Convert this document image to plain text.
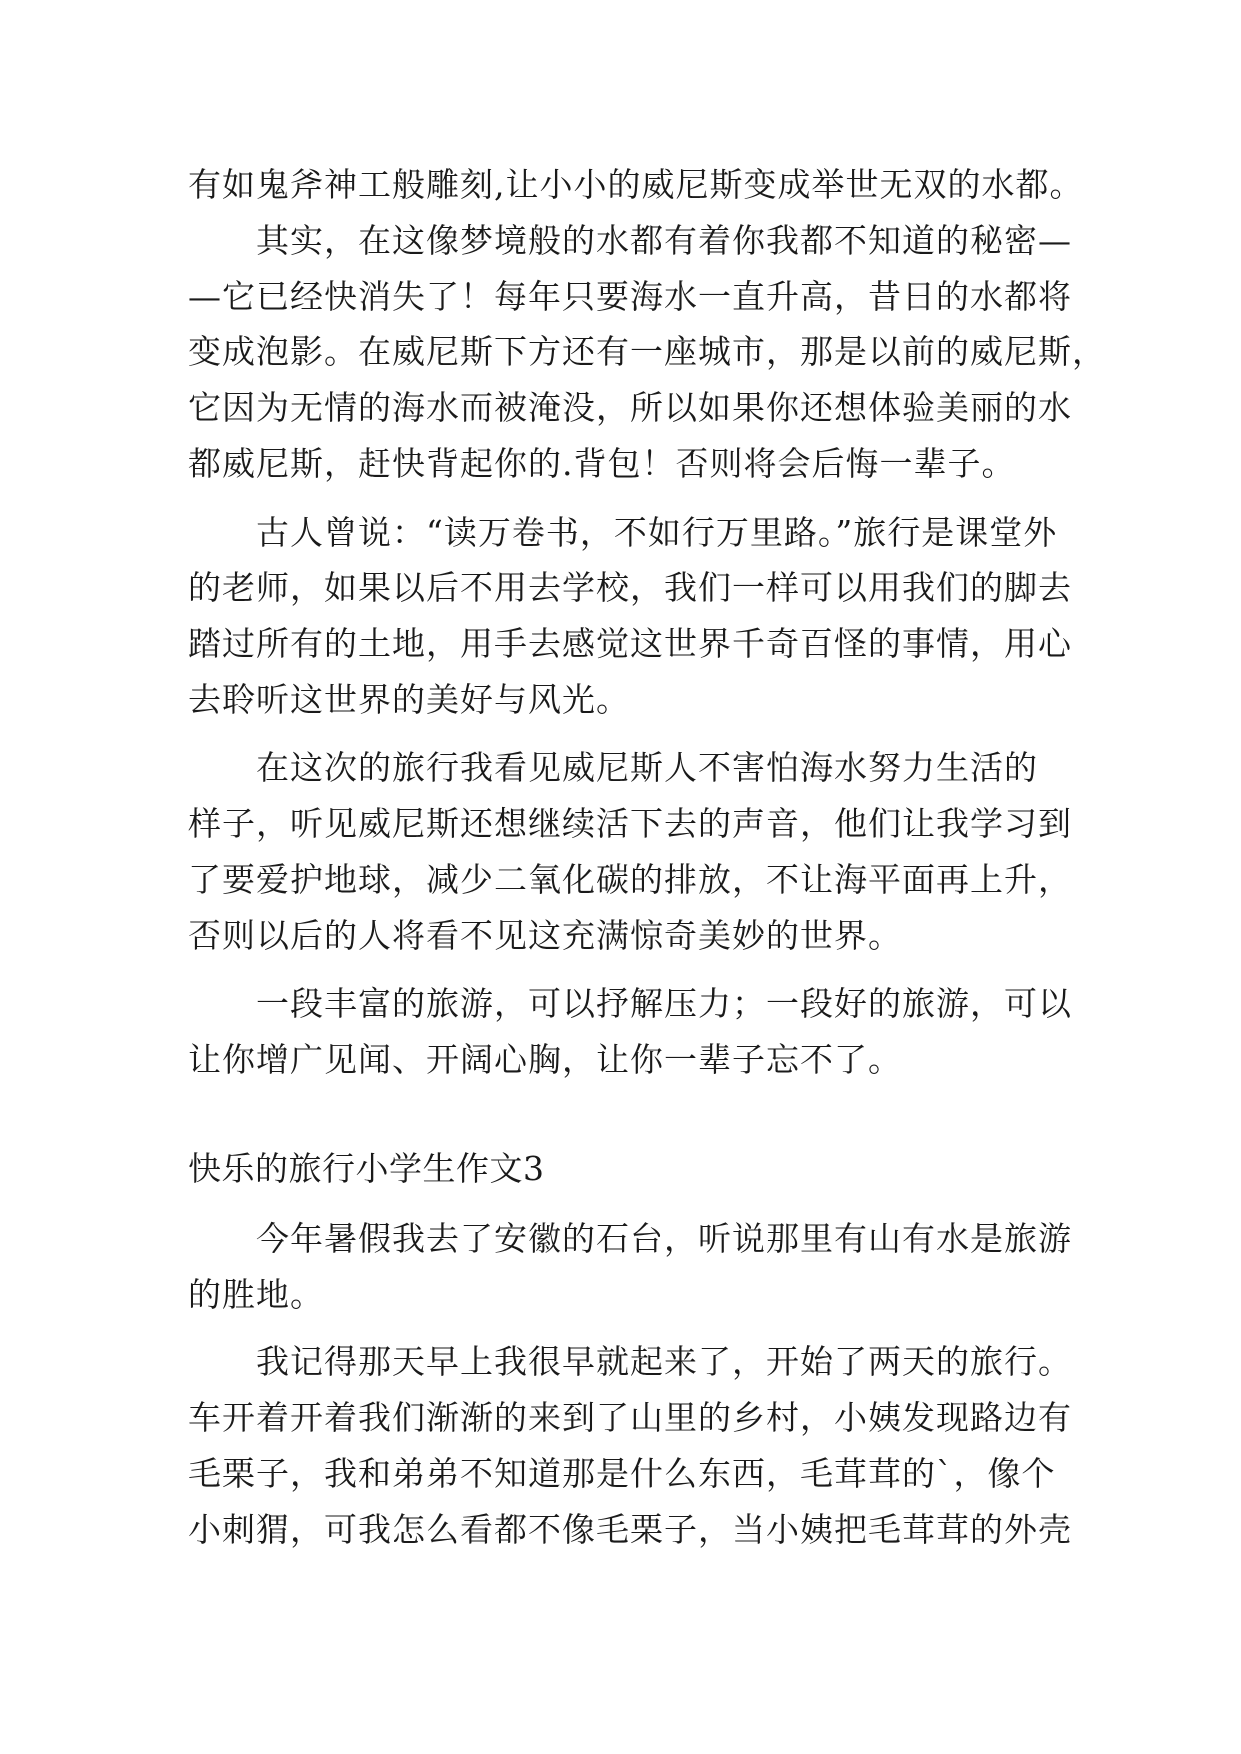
有如鬼斧神工般雕刻,让小小的威尼斯变成举世无双的水都。
其实，在这像梦境般的水都有着你我都不知道的秘密—
—它已经快消失了！每年只要海水一直升高，昔日的水都将
变成泡影。在威尼斯下方还有一座城市，那是以前的威尼斯，
它因为无情的海水而被淹没，所以如果你还想体验美丽的水
都威尼斯，赶快背起你的.背包！否则将会后悔一辈子。
古人曾说：“读万卷书，不如行万里路。”旅行是课堂外
的老师，如果以后不用去学校，我们一样可以用我们的脚去
踏过所有的土地，用手去感觉这世界千奇百怪的事情，用心
去聆听这世界的美好与风光。
在这次的旅行我看见威尼斯人不害怕海水努力生活的
样子，听见威尼斯还想继续活下去的声音，他们让我学习到
了要爱护地球，减少二氧化碳的排放，不让海平面再上升，
否则以后的人将看不见这充满惊奇美妙的世界。
一段丰富的旅游，可以抒解压力；一段好的旅游，可以
让你增广见闻、开阔心胸，让你一辈子忘不了。
快乐的旅行小学生作文3
今年暑假我去了安徽的石台，听说那里有山有水是旅游
的胜地。
我记得那天早上我很早就起来了，开始了两天的旅行。
车开着开着我们渐渐的来到了山里的乡村，小姨发现路边有
毛栗子，我和弟弟不知道那是什么东西，毛茸茸的`，像个
小刺猬，可我怎么看都不像毛栗子，当小姨把毛茸茸的外壳
